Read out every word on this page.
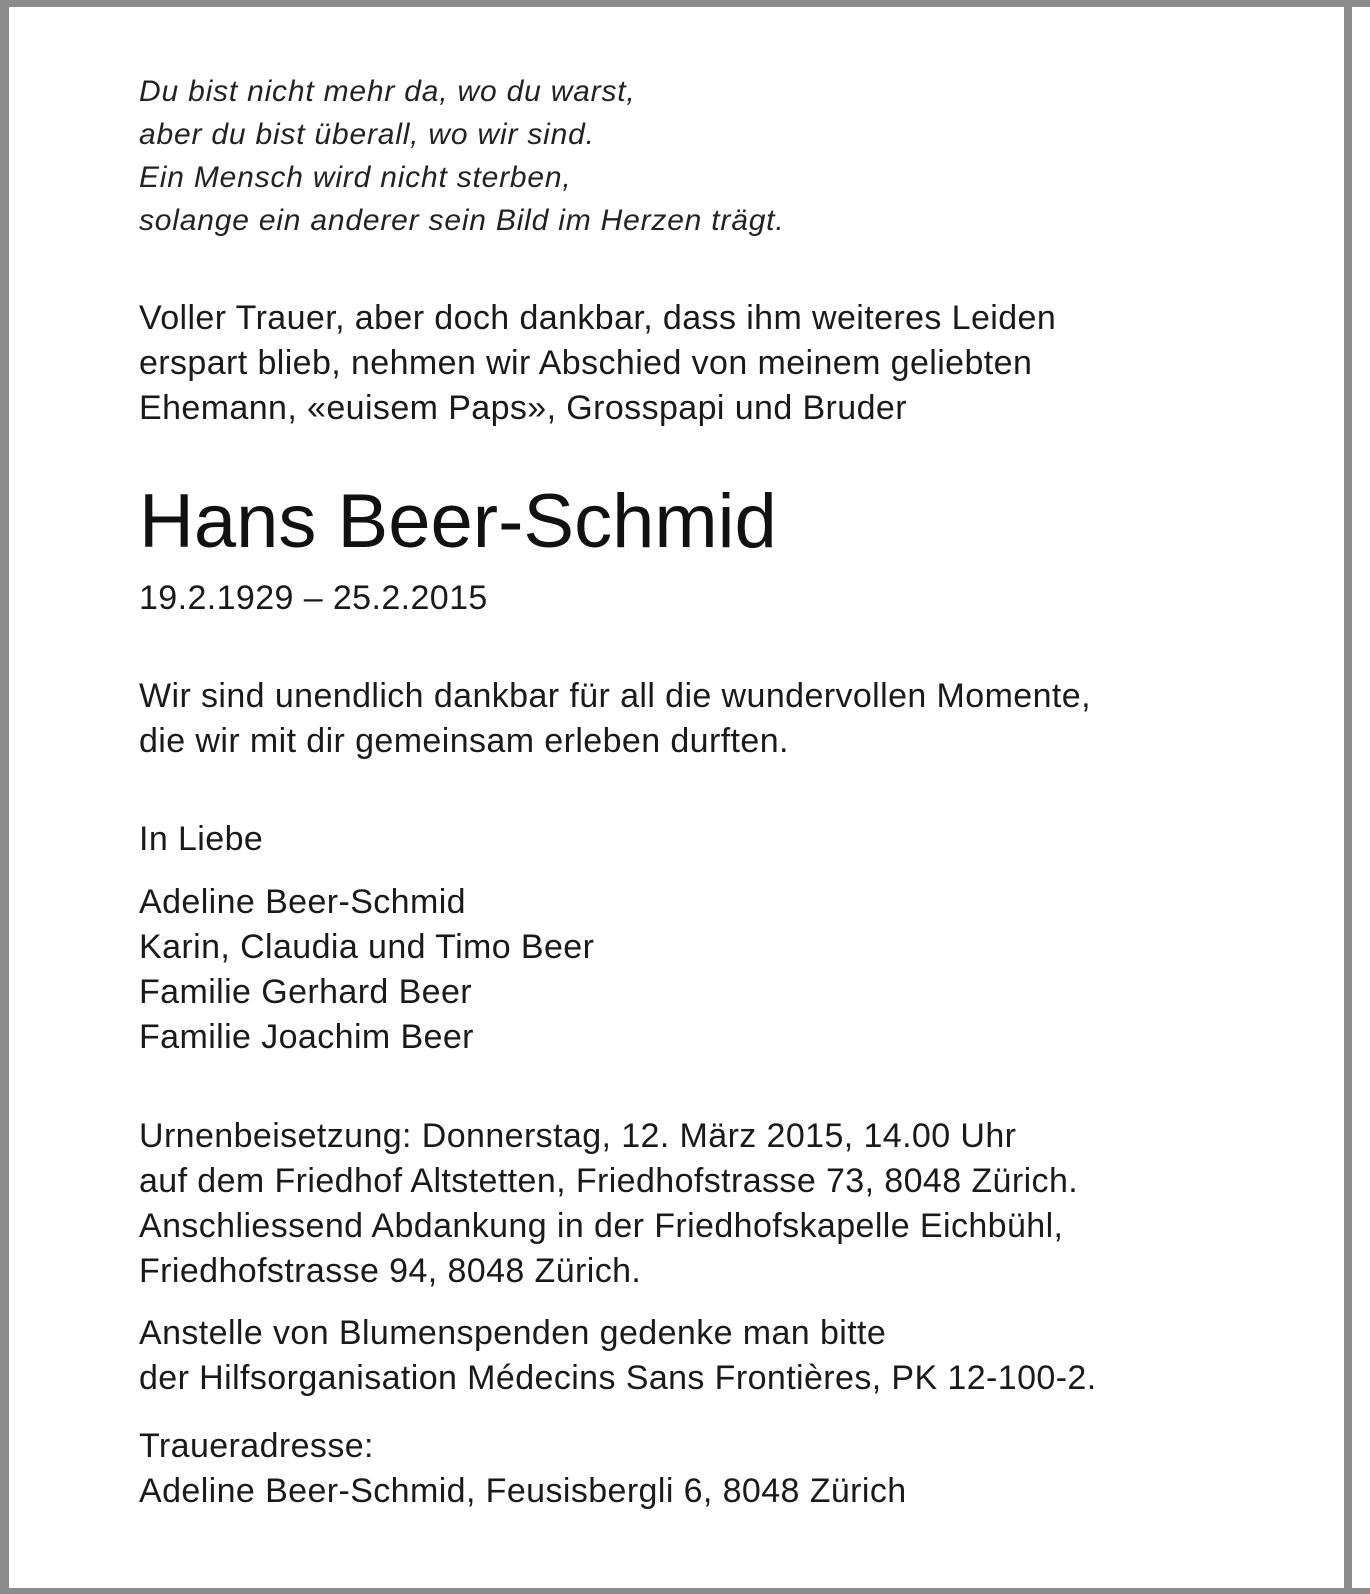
Du bist nicht mehr da, wo du warst,
aber du bist überall, wo wir sind.
Ein Mensch wird nicht sterben,
solange ein anderer sein Bild im Herzen trägt.
Voller Trauer, aber doch dankbar, dass ihm weiteres Leiden
erspart blieb, nehmen wir Abschied von meinem geliebten
Ehemann, «euisem Paps», Grosspapi und Bruder
Hans Beer-Schmid
19.2.1929 – 25.2.2015
Wir sind unendlich dankbar für all die wundervollen Momente,
die wir mit dir gemeinsam erleben durften.
In Liebe
Adeline Beer-Schmid
Karin, Claudia und Timo Beer
Familie Gerhard Beer
Familie Joachim Beer
Urnenbeisetzung: Donnerstag, 12. März 2015, 14.00 Uhr
auf dem Friedhof Altstetten, Friedhofstrasse 73, 8048 Zürich.
Anschliessend Abdankung in der Friedhofskapelle Eichbühl,
Friedhofstrasse 94, 8048 Zürich.
Anstelle von Blumenspenden gedenke man bitte
der Hilfsorganisation Médecins Sans Frontières, PK 12-100-2.
Traueradresse:
Adeline Beer-Schmid, Feusisbergli 6, 8048 Zürich
